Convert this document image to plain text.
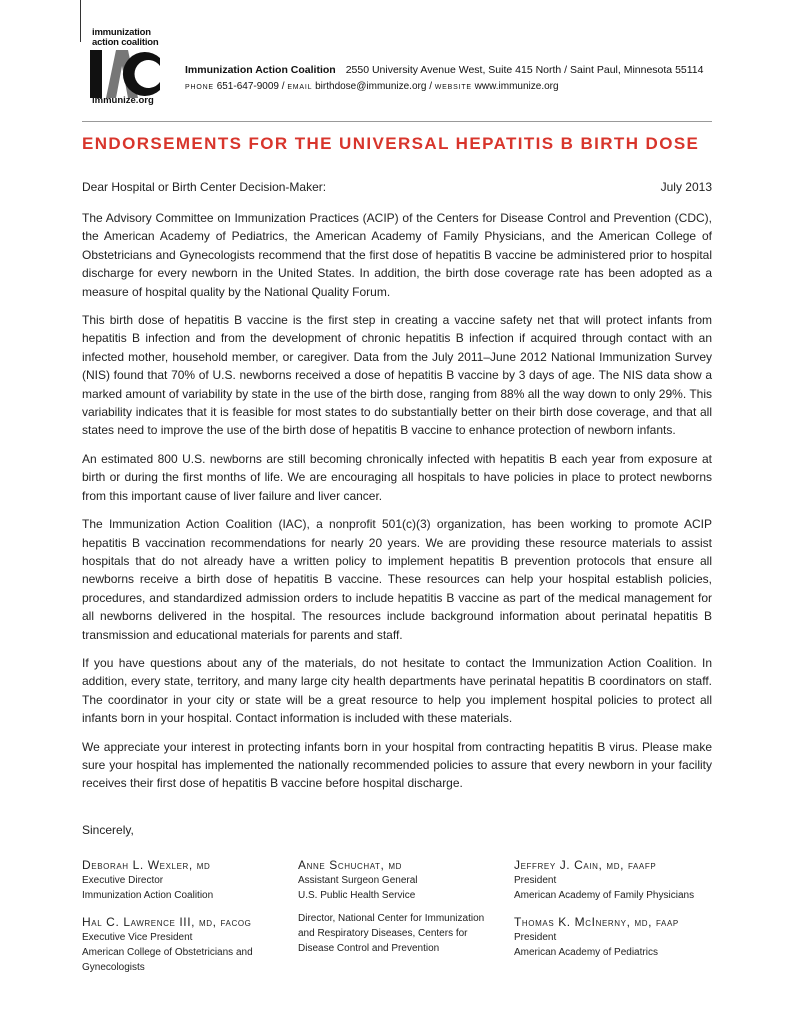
immunization
action coalition
immunize.org
Immunization Action Coalition 2550 University Avenue West, Suite 415 North / Saint Paul, Minnesota 55114
phone 651-647-9009 / email birthdose@immunize.org / website www.immunize.org
ENDORSEMENTS FOR THE UNIVERSAL HEPATITIS B BIRTH DOSE
Dear Hospital or Birth Center Decision-Maker:	July 2013

The Advisory Committee on Immunization Practices (ACIP) of the Centers for Disease Control and Prevention (CDC), the American Academy of Pediatrics, the American Academy of Family Physicians, and the American College of Obstetricians and Gynecologists recommend that the first dose of hepatitis B vaccine be administered prior to hospital discharge for every newborn in the United States. In addition, the birth dose coverage rate has been adopted as a measure of hospital quality by the National Quality Forum.

This birth dose of hepatitis B vaccine is the first step in creating a vaccine safety net that will protect infants from hepatitis B infection and from the development of chronic hepatitis B infection if acquired through contact with an infected mother, household member, or caregiver. Data from the July 2011–June 2012 National Immunization Survey (NIS) found that 70% of U.S. newborns received a dose of hepatitis B vaccine by 3 days of age. The NIS data show a marked amount of variability by state in the use of the birth dose, ranging from 88% all the way down to only 29%. This variability indicates that it is feasible for most states to do substantially better on their birth dose coverage, and that all states need to improve the use of the birth dose of hepatitis B vaccine to enhance protection of newborn infants.

An estimated 800 U.S. newborns are still becoming chronically infected with hepatitis B each year from exposure at birth or during the first months of life. We are encouraging all hospitals to have policies in place to protect newborns from this important cause of liver failure and liver cancer.

The Immunization Action Coalition (IAC), a nonprofit 501(c)(3) organization, has been working to promote ACIP hepatitis B vaccination recommendations for nearly 20 years. We are providing these resource materials to assist hospitals that do not already have a written policy to implement hepatitis B prevention protocols that ensure all newborns receive a birth dose of hepatitis B vaccine. These resources can help your hospital establish policies, procedures, and standardized admission orders to include hepatitis B vaccine as part of the medical management for all newborns delivered in the hospital. The resources include background information about perinatal hepatitis B transmission and educational materials for parents and staff.

If you have questions about any of the materials, do not hesitate to contact the Immunization Action Coalition. In addition, every state, territory, and many large city health departments have perinatal hepatitis B coordinators on staff. The coordinator in your city or state will be a great resource to help you implement hospital policies to protect all infants born in your hospital. Contact information is included with these materials.

We appreciate your interest in protecting infants born in your hospital from contracting hepatitis B virus. Please make sure your hospital has implemented the nationally recommended policies to assure that every newborn in your facility receives their first dose of hepatitis B vaccine before hospital discharge.

Sincerely,
Deborah L. Wexler, md
Executive Director
Immunization Action Coalition
Hal C. Lawrence III, md, facog
Executive Vice President
American College of Obstetricians and
Gynecologists
Anne Schuchat, md
Assistant Surgeon General
U.S. Public Health Service
Director, National Center for Immunization
and Respiratory Diseases, Centers for
Disease Control and Prevention
Jeffrey J. Cain, md, faafp
President
American Academy of Family Physicians
Thomas K. McInerny, md, faap
President
American Academy of Pediatrics
